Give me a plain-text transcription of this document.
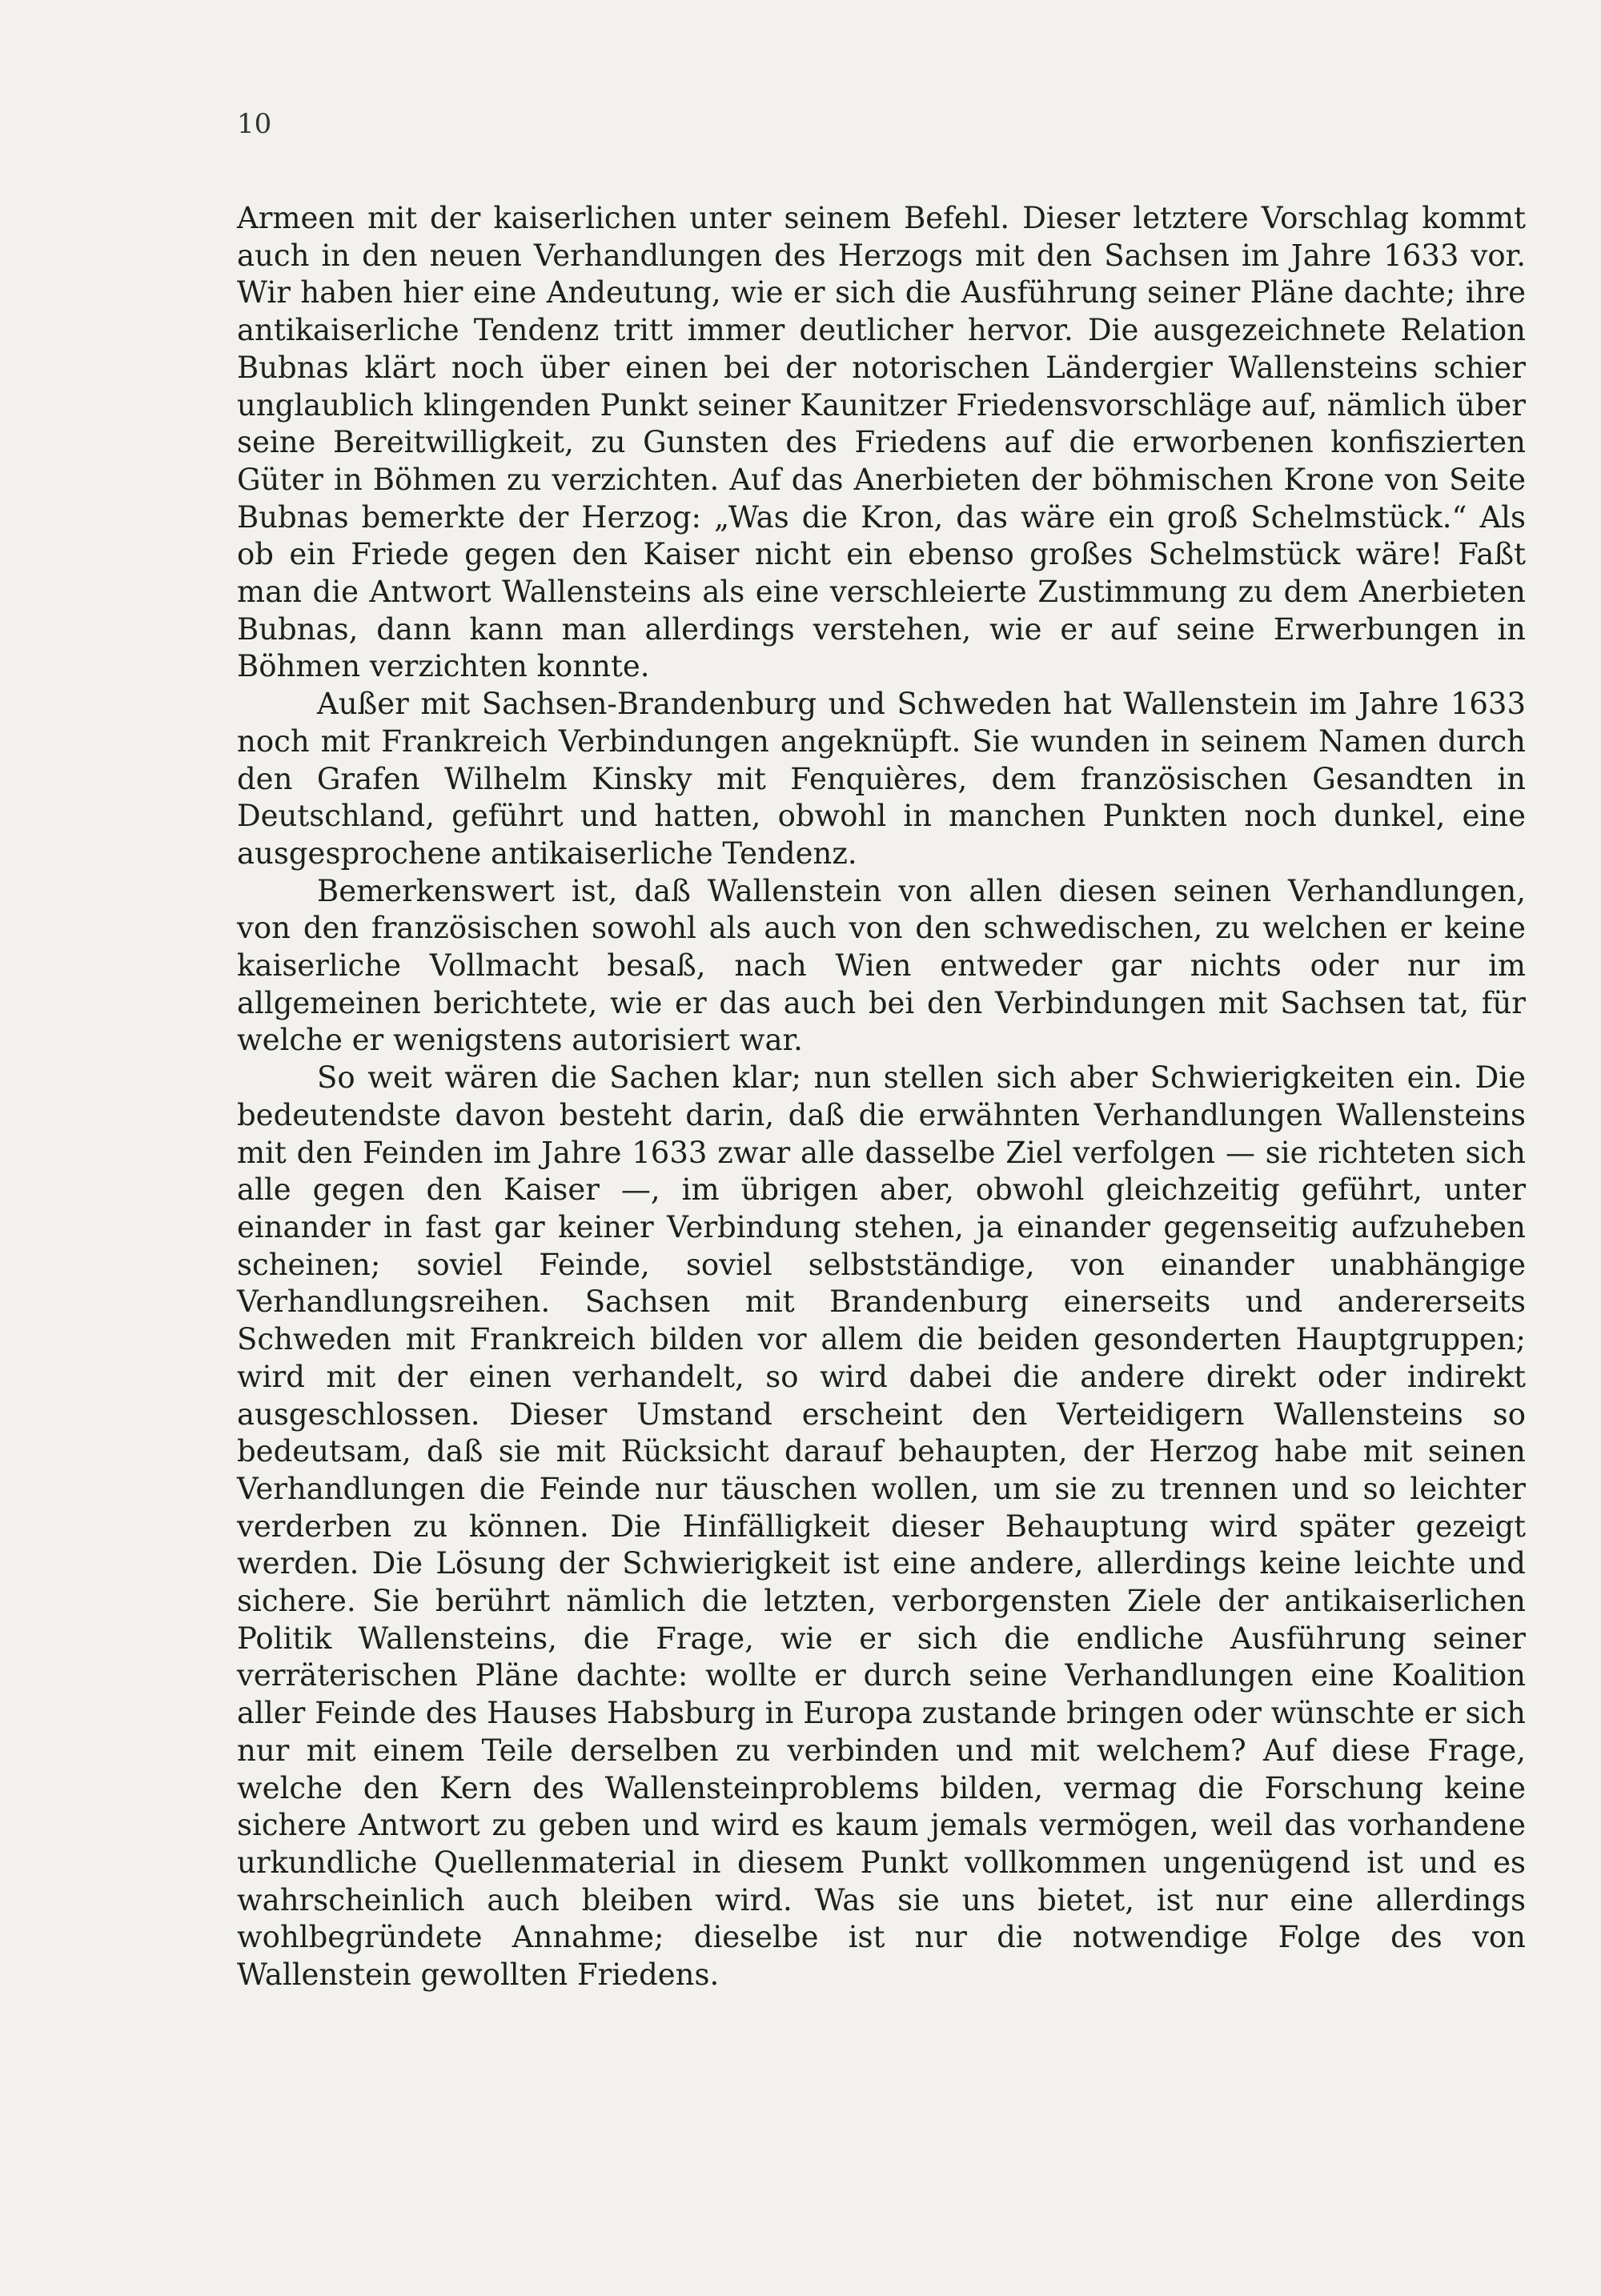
10

Armeen mit der kaiserlichen unter seinem Befehl. Dieser letztere Vorschlag kommt auch in den neuen Verhandlungen des Herzogs mit den Sachsen im Jahre 1633 vor. Wir haben hier eine Andeutung, wie er sich die Ausführung seiner Pläne dachte; ihre antikaiserliche Tendenz tritt immer deutlicher hervor. Die ausgezeichnete Relation Bubnas klärt noch über einen bei der notorischen Ländergier Wallensteins schier unglaublich klingenden Punkt seiner Kaunitzer Friedensvorschläge auf, nämlich über seine Bereitwilligkeit, zu Gunsten des Friedens auf die erworbenen konfiszierten Güter in Böhmen zu verzichten. Auf das Anerbieten der böhmischen Krone von Seite Bubnas bemerkte der Herzog: „Was die Kron, das wäre ein groß Schelmstück.“ Als ob ein Friede gegen den Kaiser nicht ein ebenso großes Schelmstück wäre! Faßt man die Antwort Wallensteins als eine verschleierte Zustimmung zu dem Anerbieten Bubnas, dann kann man allerdings verstehen, wie er auf seine Erwerbungen in Böhmen verzichten konnte.

Außer mit Sachsen-Brandenburg und Schweden hat Wallenstein im Jahre 1633 noch mit Frankreich Verbindungen angeknüpft. Sie wunden in seinem Namen durch den Grafen Wilhelm Kinsky mit Fenquières, dem französischen Gesandten in Deutschland, geführt und hatten, obwohl in manchen Punkten noch dunkel, eine ausgesprochene antikaiserliche Tendenz.

Bemerkenswert ist, daß Wallenstein von allen diesen seinen Verhandlungen, von den französischen sowohl als auch von den schwedischen, zu welchen er keine kaiserliche Vollmacht besaß, nach Wien entweder gar nichts oder nur im allgemeinen berichtete, wie er das auch bei den Verbindungen mit Sachsen tat, für welche er wenigstens autorisiert war.

So weit wären die Sachen klar; nun stellen sich aber Schwierigkeiten ein. Die bedeutendste davon besteht darin, daß die erwähnten Verhandlungen Wallensteins mit den Feinden im Jahre 1633 zwar alle dasselbe Ziel verfolgen — sie richteten sich alle gegen den Kaiser —, im übrigen aber, obwohl gleichzeitig geführt, unter einander in fast gar keiner Verbindung stehen, ja einander gegenseitig aufzuheben scheinen; soviel Feinde, soviel selbstständige, von einander unabhängige Verhandlungsreihen. Sachsen mit Brandenburg einerseits und andererseits Schweden mit Frankreich bilden vor allem die beiden gesonderten Hauptgruppen; wird mit der einen verhandelt, so wird dabei die andere direkt oder indirekt ausgeschlossen. Dieser Umstand erscheint den Verteidigern Wallensteins so bedeutsam, daß sie mit Rücksicht darauf behaupten, der Herzog habe mit seinen Verhandlungen die Feinde nur täuschen wollen, um sie zu trennen und so leichter verderben zu können. Die Hinfälligkeit dieser Behauptung wird später gezeigt werden. Die Lösung der Schwierigkeit ist eine andere, allerdings keine leichte und sichere. Sie berührt nämlich die letzten, verborgensten Ziele der antikaiserlichen Politik Wallensteins, die Frage, wie er sich die endliche Ausführung seiner verräterischen Pläne dachte: wollte er durch seine Verhandlungen eine Koalition aller Feinde des Hauses Habsburg in Europa zustande bringen oder wünschte er sich nur mit einem Teile derselben zu verbinden und mit welchem? Auf diese Frage, welche den Kern des Wallensteinproblems bilden, vermag die Forschung keine sichere Antwort zu geben und wird es kaum jemals vermögen, weil das vorhandene urkundliche Quellenmaterial in diesem Punkt vollkommen ungenügend ist und es wahrscheinlich auch bleiben wird. Was sie uns bietet, ist nur eine allerdings wohlbegründete Annahme; dieselbe ist nur die notwendige Folge des von Wallenstein gewollten Friedens.
